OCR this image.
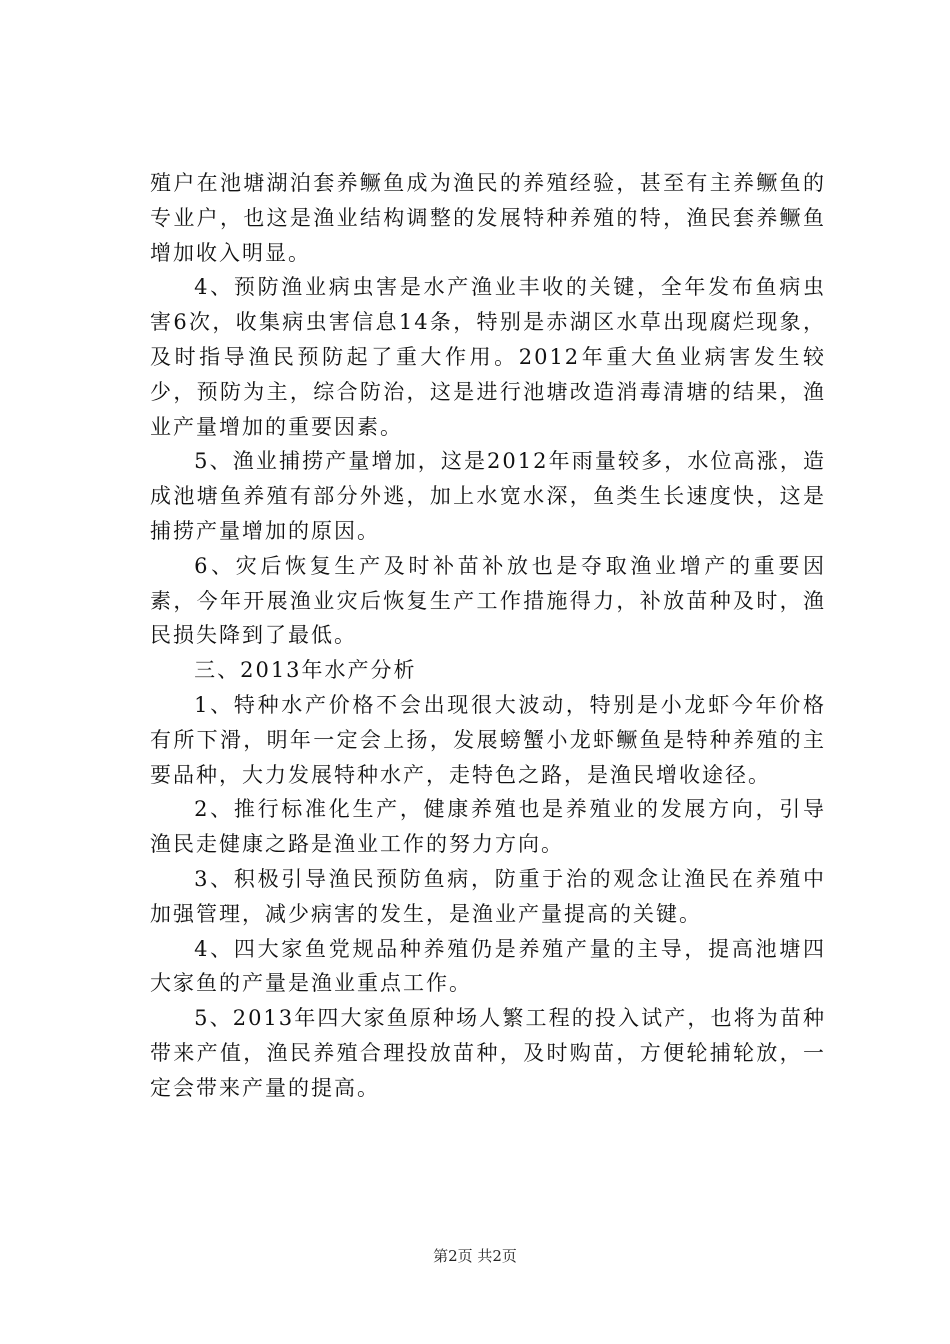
殖户在池塘湖泊套养鳜鱼成为渔民的养殖经验，甚至有主养鳜鱼的专业户，也这是渔业结构调整的发展特种养殖的特，渔民套养鳜鱼增加收入明显。

4、预防渔业病虫害是水产渔业丰收的关键，全年发布鱼病虫害6次，收集病虫害信息14条，特别是赤湖区水草出现腐烂现象，及时指导渔民预防起了重大作用。2012年重大鱼业病害发生较少，预防为主，综合防治，这是进行池塘改造消毒清塘的结果，渔业产量增加的重要因素。

5、渔业捕捞产量增加，这是2012年雨量较多，水位高涨，造成池塘鱼养殖有部分外逃，加上水宽水深，鱼类生长速度快，这是捕捞产量增加的原因。

6、灾后恢复生产及时补苗补放也是夺取渔业增产的重要因素，今年开展渔业灾后恢复生产工作措施得力，补放苗种及时，渔民损失降到了最低。

三、2013年水产分析

1、特种水产价格不会出现很大波动，特别是小龙虾今年价格有所下滑，明年一定会上扬，发展螃蟹小龙虾鳜鱼是特种养殖的主要品种，大力发展特种水产，走特色之路，是渔民增收途径。

2、推行标准化生产，健康养殖也是养殖业的发展方向，引导渔民走健康之路是渔业工作的努力方向。

3、积极引导渔民预防鱼病，防重于治的观念让渔民在养殖中加强管理，减少病害的发生，是渔业产量提高的关键。

4、四大家鱼党规品种养殖仍是养殖产量的主导，提高池塘四大家鱼的产量是渔业重点工作。

5、2013年四大家鱼原种场人繁工程的投入试产，也将为苗种带来产值，渔民养殖合理投放苗种，及时购苗，方便轮捕轮放，一定会带来产量的提高。

第2页 共2页
